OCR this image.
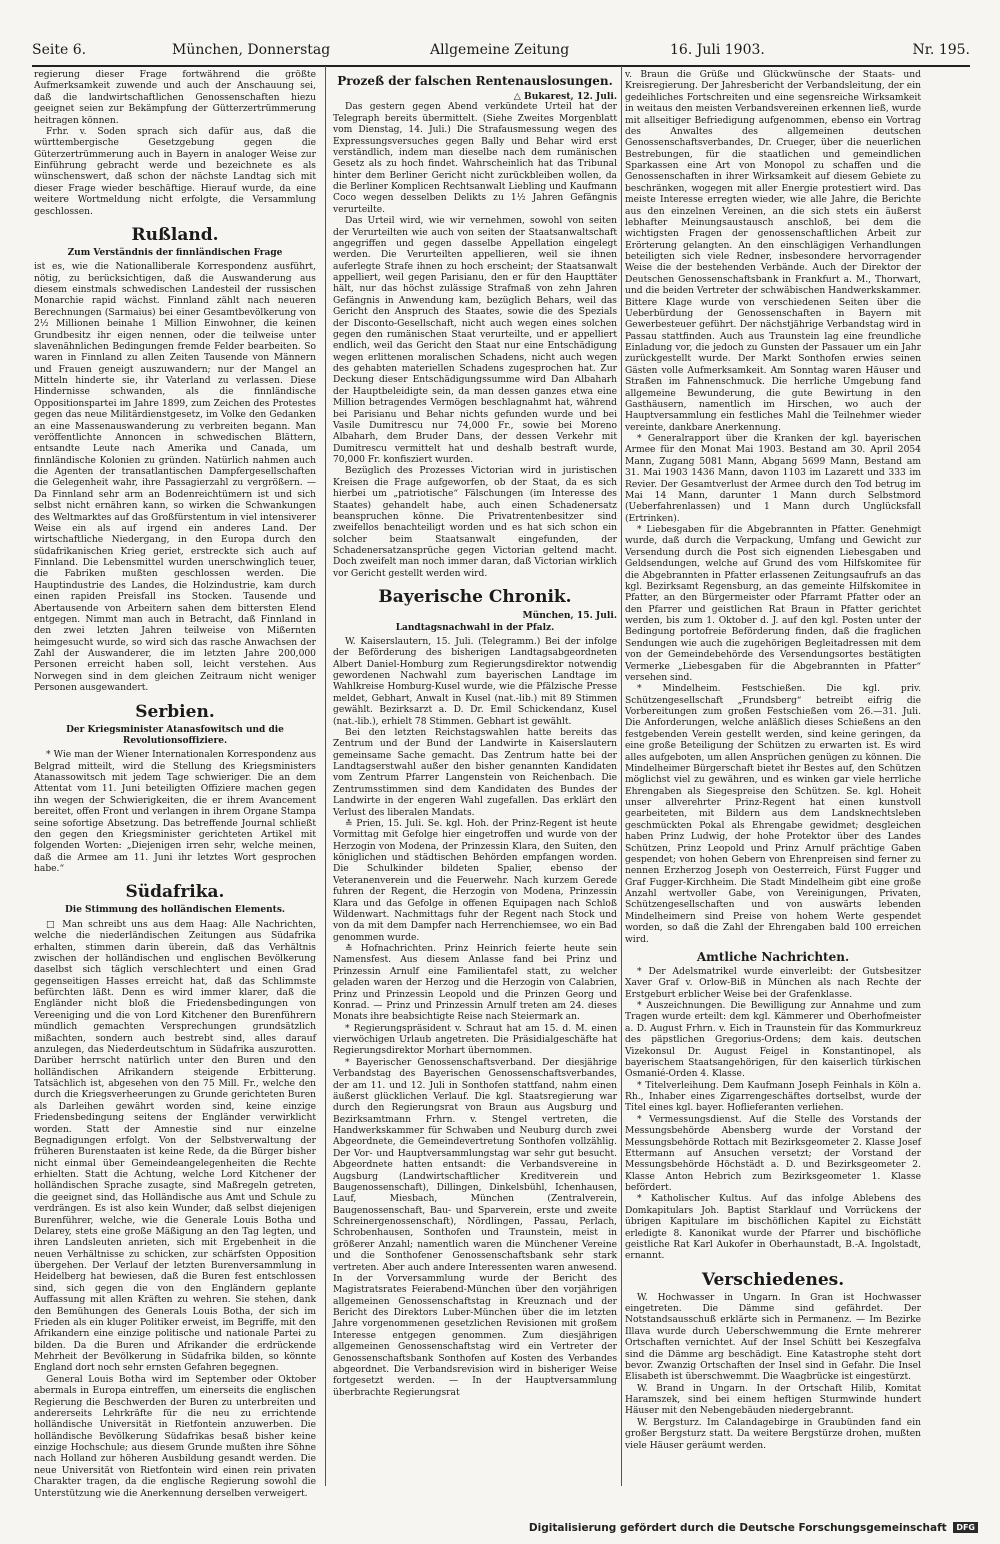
Seite 6.	München, Donnerstag	Allgemeine Zeitung	16. Juli 1903.	Nr. 195.

regierung dieser Frage fortwährend die größte Aufmerksamkeit zuwende und auch der Anschauung sei, daß die landwirtschaftlichen Genossenschaften hiezu geeignet seien zur Bekämpfung der Gütterzertrümmerung heitragen können.

Frhr. v. Soden sprach sich dafür aus, daß die württembergische Gesetzgebung gegen die Güterzertrümmerung auch in Bayern in analoger Weise zur Einführung gebracht werde und bezeichnete es als wünschenswert, daß schon der nächste Landtag sich mit dieser Frage wieder beschäftige. Hierauf wurde, da eine weitere Wortmeldung nicht erfolgte, die Versammlung geschlossen.

Rußland.
Zum Verständnis der finnländischen Frage

ist es, wie die Nationalliberale Korrespondenz ausführt, nötig, zu berücksichtigen, daß die Auswanderung aus diesem einstmals schwedischen Landesteil der russischen Monarchie rapid wächst. Finnland zählt nach neueren Berechnungen (Sarmaius) bei einer Gesamtbevölkerung von 2½ Millionen beinahe 1 Million Einwohner, die keinen Grundbesitz ihr eigen nennen, oder die teilweise unter slavenähnlichen Bedingungen fremde Felder bearbeiten. So waren in Finnland zu allen Zeiten Tausende von Männern und Frauen geneigt auszuwandern; nur der Mangel an Mitteln hinderte sie, ihr Vaterland zu verlassen. Diese Hindernisse schwanden, als die finnländische Oppositionspartei im Jahre 1899, zum Zeichen des Protestes gegen das neue Militärdienstgesetz, im Volke den Gedanken an eine Massenauswanderung zu verbreiten begann. Man veröffentlichte Annoncen in schwedischen Blättern, entsandte Leute nach Amerika und Canada, um finnländische Kolonien zu gründen. Natürlich nahmen auch die Agenten der transatlantischen Dampfergesellschaften die Gelegenheit wahr, ihre Passagierzahl zu vergrößern. — Da Finnland sehr arm an Bodenreichtümern ist und sich selbst nicht ernähren kann, so wirken die Schwankungen des Weltmarktes auf das Großfürstentum in viel intensiverer Weise ein als auf irgend ein anderes Land. Der wirtschaftliche Niedergang, in den Europa durch den südafrikanischen Krieg geriet, erstreckte sich auch auf Finnland. Die Lebensmittel wurden unerschwinglich teuer, die Fabriken mußten geschlossen werden. Die Hauptindustrie des Landes, die Holzindustrie, kam durch einen rapiden Preisfall ins Stocken. Tausende und Abertausende von Arbeitern sahen dem bittersten Elend entgegen. Nimmt man auch in Betracht, daß Finnland in den zwei letzten Jahren teilweise von Mißernten heimgesucht wurde, so wird sich das rasche Anwachsen der Zahl der Auswanderer, die im letzten Jahre 200,000 Personen erreicht haben soll, leicht verstehen. Aus Norwegen sind in dem gleichen Zeitraum nicht weniger Personen ausgewandert.

Serbien.
Der Kriegsminister Atanasfowitsch und die Revolutionsoffiziere.

* Wie man der Wiener Internationalen Korrespondenz aus Belgrad mitteilt, wird die Stellung des Kriegsministers Atanassowitsch mit jedem Tage schwieriger. Die an dem Attentat vom 11. Juni beteiligten Offiziere machen gegen ihn wegen der Schwierigkeiten, die er ihrem Avancement bereitet, offen Front und verlangen in ihrem Organe Stampa seine sofortige Absetzung. Das betreffende Journal schließt den gegen den Kriegsminister gerichteten Artikel mit folgenden Worten: „Diejenigen irren sehr, welche meinen, daß die Armee am 11. Juni ihr letztes Wort gesprochen habe.“

Südafrika.
Die Stimmung des holländischen Elements.

□ Man schreibt uns aus dem Haag: Alle Nachrichten, welche die niederländischen Zeitungen aus Südafrika erhalten, stimmen darin überein, daß das Verhältnis zwischen der holländischen und englischen Bevölkerung daselbst sich täglich verschlechtert und einen Grad gegenseitigen Hasses erreicht hat, daß das Schlimmste befürchten läßt. Denn es wird immer klarer, daß die Engländer nicht bloß die Friedensbedingungen von Vereeniging und die von Lord Kitchener den Burenführern mündlich gemachten Versprechungen grundsätzlich mißachten, sondern auch bestrebt sind, alles darauf anzulegen, das Niederdeutschtum in Südafrika auszurotten. Darüber herrscht natürlich unter den Buren und den holländischen Afrikandern steigende Erbitterung. Tatsächlich ist, abgesehen von den 75 Mill. Fr., welche den durch die Kriegsverheerungen zu Grunde gerichteten Buren als Darleihen gewährt worden sind, keine einzige Friedensbedingung seitens der Engländer verwirklicht worden. Statt der Amnestie sind nur einzelne Begnadigungen erfolgt. Von der Selbstverwaltung der früheren Burenstaaten ist keine Rede, da die Bürger bisher nicht einmal über Gemeindeangelegenheiten die Rechte erhielten. Statt die Achtung, welche Lord Kitchener der holländischen Sprache zusagte, sind Maßregeln getreten, die geeignet sind, das Holländische aus Amt und Schule zu verdrängen. Es ist also kein Wunder, daß selbst diejenigen Burenführer, welche, wie die Generale Louis Botha und Delarey, stets eine große Mäßigung an den Tag legten, und ihren Landsleuten anrieten, sich mit Ergebenheit in die neuen Verhältnisse zu schicken, zur schärfsten Opposition übergehen. Der Verlauf der letzten Burenversammlung in Heidelberg hat bewiesen, daß die Buren fest entschlossen sind, sich gegen die von den Engländern geplante Auffassung mit allen Kräften zu wehren. Sie stehen, dank den Bemühungen des Generals Louis Botha, der sich im Frieden als ein kluger Politiker erweist, im Begriffe, mit den Afrikandern eine einzige politische und nationale Partei zu bilden. Da die Buren und Afrikander die erdrückende Mehrheit der Bevölkerung in Südafrika bilden, so könnte England dort noch sehr ernsten Gefahren begegnen.

General Louis Botha wird im September oder Oktober abermals in Europa eintreffen, um einerseits die englischen Regierung die Beschwerden der Buren zu unterbreiten und andererseits Lehrkräfte für die neu zu errichtende holländische Universität in Rietfontein anzuwerben. Die holländische Bevölkerung Südafrikas besaß bisher keine einzige Hochschule; aus diesem Grunde mußten ihre Söhne nach Holland zur höheren Ausbildung gesandt werden. Die neue Universität von Rietfontein wird einen rein privaten Charakter tragen, da die englische Regierung sowohl die Unterstützung wie die Anerkennung derselben verweigert.

Prozeß der falschen Rentenauslosungen.

△ Bukarest, 12. Juli.

Das gestern gegen Abend verkündete Urteil hat der Telegraph bereits übermittelt. (Siehe Zweites Morgenblatt vom Dienstag, 14. Juli.) Die Strafausmessung wegen des Expressungsversuches gegen Bally und Behar wird erst verständlich, indem man dieselbe nach dem rumänischen Gesetz als zu hoch findet. Wahrscheinlich hat das Tribunal hinter dem Berliner Gericht nicht zurückbleiben wollen, da die Berliner Komplicen Rechtsanwalt Liebling und Kaufmann Coco wegen desselben Delikts zu 1½ Jahren Gefängnis verurteilte.

Das Urteil wird, wie wir vernehmen, sowohl von seiten der Verurteilten wie auch von seiten der Staatsanwaltschaft angegriffen und gegen dasselbe Appellation eingelegt werden. Die Verurteilten appellieren, weil sie ihnen auferlegte Strafe ihnen zu hoch erscheint; der Staatsanwalt appelliert, weil gegen Parisianu, den er für den Haupttäter hält, nur das höchst zulässige Strafmaß von zehn Jahren Gefängnis in Anwendung kam, bezüglich Behars, weil das Gericht den Anspruch des Staates, sowie die des Spezials der Disconto-Gesellschaft, nicht auch wegen eines solchen gegen den rumänischen Staat verurteilte, und er appelliert endlich, weil das Gericht den Staat nur eine Entschädigung wegen erlittenen moralischen Schadens, nicht auch wegen des gehabten materiellen Schadens zugesprochen hat. Zur Deckung dieser Entschädigungssumme wird Dan Albaharh der Hauptbeleidigte sein, da man dessen ganzes etwa eine Million betragendes Vermögen beschlagnahmt hat, während bei Parisianu und Behar nichts gefunden wurde und bei Vasile Dumitrescu nur 74,000 Fr., sowie bei Moreno Albaharh, dem Bruder Dans, der dessen Verkehr mit Dumitrescu vermittelt hat und deshalb bestraft wurde, 70,000 Fr. konfisziert wurden.

Bezüglich des Prozesses Victorian wird in juristischen Kreisen die Frage aufgeworfen, ob der Staat, da es sich hierbei um „patriotische“ Fälschungen (im Interesse des Staates) gehandelt habe, auch einen Schadenersatz beanspruchen könne. Die Privatrentenbesitzer sind zweifellos benachteiligt worden und es hat sich schon ein solcher beim Staatsanwalt eingefunden, der Schadenersatzansprüche gegen Victorian geltend macht. Doch zweifelt man noch immer daran, daß Victorian wirklich vor Gericht gestellt werden wird.

Bayerische Chronik.

München, 15. Juli.

Landtagsnachwahl in der Pfalz.

W. Kaiserslautern, 15. Juli. (Telegramm.) Bei der infolge der Beförderung des bisherigen Landtagsabgeordneten Albert Daniel-Homburg zum Regierungsdirektor notwendig gewordenen Nachwahl zum bayerischen Landtage im Wahlkreise Homburg-Kusel wurde, wie die Pfälzische Presse meldet, Gebhart, Anwalt in Kusel (nat.-lib.) mit 89 Stimmen gewählt. Bezirksarzt a. D. Dr. Emil Schickendanz, Kusel (nat.-lib.), erhielt 78 Stimmen. Gebhart ist gewählt.

Bei den letzten Reichstagswahlen hatte bereits das Zentrum und der Bund der Landwirte in Kaiserslautern gemeinsame Sache gemacht. Das Zentrum hatte bei der Landtagserstwahl außer den bisher genannten Kandidaten vom Zentrum Pfarrer Langenstein von Reichenbach. Die Zentrumsstimmen sind dem Kandidaten des Bundes der Landwirte in der engeren Wahl zugefallen. Das erklärt den Verlust des liberalen Mandats.

≛ Prien, 15. Juli. Se. kgl. Hoh. der Prinz-Regent ist heute Vormittag mit Gefolge hier eingetroffen und wurde von der Herzogin von Modena, der Prinzessin Klara, den Suiten, den königlichen und städtischen Behörden empfangen worden. Die Schulkinder bildeten Spalier, ebenso der Veteranenverein und die Feuerwehr. Nach kurzem Gerede fuhren der Regent, die Herzogin von Modena, Prinzessin Klara und das Gefolge in offenen Equipagen nach Schloß Wildenwart. Nachmittags fuhr der Regent nach Stock und von da mit dem Dampfer nach Herrenchiemsee, wo ein Bad genommen wurde.

≛ Hofnachrichten. Prinz Heinrich feierte heute sein Namensfest. Aus diesem Anlasse fand bei Prinz und Prinzessin Arnulf eine Familientafel statt, zu welcher geladen waren der Herzog und die Herzogin von Calabrien, Prinz und Prinzessin Leopold und die Prinzen Georg und Konrad. — Prinz und Prinzessin Arnulf treten am 24. dieses Monats ihre beabsichtigte Reise nach Steiermark an.

* Regierungspräsident v. Schraut hat am 15. d. M. einen vierwöchigen Urlaub angetreten. Die Präsidialgeschäfte hat Regierungsdirektor Morhart übernommen.

* Bayerischer Genossenschaftsverband. Der diesjährige Verbandstag des Bayerischen Genossenschaftsverbandes, der am 11. und 12. Juli in Sonthofen stattfand, nahm einen äußerst glücklichen Verlauf. Die kgl. Staatsregierung war durch den Regierungsrat von Braun aus Augsburg und Bezirksamtmann Frhrn. v. Stengel vertreten, die Handwerkskammer für Schwaben und Neuburg durch zwei Abgeordnete, die Gemeindevertretung Sonthofen vollzählig. Der Vor- und Hauptversammlungstag war sehr gut besucht. Abgeordnete hatten entsandt: die Verbandsvereine in Augsburg (Landwirtschaftlicher Kreditverein und Baugenossenschaft), Dillingen, Dinkelsbühl, Ichenhausen, Lauf, Miesbach, München (Zentralverein, Baugenossenschaft, Bau- und Sparverein, erste und zweite Schreinergenossenschaft), Nördlingen, Passau, Perlach, Schrobenhausen, Sonthofen und Traunstein, meist in größerer Anzahl; namentlich waren die Münchener Vereine und die Sonthofener Genossenschaftsbank sehr stark vertreten. Aber auch andere Interessenten waren anwesend. In der Vorversammlung wurde der Bericht des Magistratsrates Feierabend-München über den vorjährigen allgemeinen Genossenschaftstag in Kreuznach und der Bericht des Direktors Luber-München über die im letzten Jahre vorgenommenen gesetzlichen Revisionen mit großem Interesse entgegen genommen. Zum diesjährigen allgemeinen Genossenschaftstag wird ein Vertreter der Genossenschaftsbank Sonthofen auf Kosten des Verbandes abgeordnet. Die Verbandsrevision wird in bisheriger Weise fortgesetzt werden. — In der Hauptversammlung überbrachte Regierungsrat

v. Braun die Grüße und Glückwünsche der Staats- und Kreisregierung. Der Jahresbericht der Verbandsleitung, der ein gedeihliches Fortschreiten und eine segensreiche Wirksamkeit in weitaus den meisten Verbandsvereinen erkennen ließ, wurde mit allseitiger Befriedigung aufgenommen, ebenso ein Vortrag des Anwaltes des allgemeinen deutschen Genossenschaftsverbandes, Dr. Crueger, über die neuerlichen Bestrebungen, für die staatlichen und gemeindlichen Sparkassen eine Art von Monopol zu schaffen und die Genossenschaften in ihrer Wirksamkeit auf diesem Gebiete zu beschränken, wogegen mit aller Energie protestiert wird. Das meiste Interesse erregten wieder, wie alle Jahre, die Berichte aus den einzelnen Vereinen, an die sich stets ein äußerst lebhafter Meinungsaustausch anschloß, bei dem die wichtigsten Fragen der genossenschaftlichen Arbeit zur Erörterung gelangten. An den einschlägigen Verhandlungen beteiligten sich viele Redner, insbesondere hervorragender Weise die der bestehenden Verbände. Auch der Direktor der Deutschen Genossenschaftsbank in Frankfurt a. M., Thorwart, und die beiden Vertreter der schwäbischen Handwerkskammer. Bittere Klage wurde von verschiedenen Seiten über die Ueberbürdung der Genossenschaften in Bayern mit Gewerbesteuer geführt. Der nächstjährige Verbandstag wird in Passau stattfinden. Auch aus Traunstein lag eine freundliche Einladung vor, die jedoch zu Gunsten der Passauer um ein Jahr zurückgestellt wurde. Der Markt Sonthofen erwies seinen Gästen volle Aufmerksamkeit. Am Sonntag waren Häuser und Straßen im Fahnenschmuck. Die herrliche Umgebung fand allgemeine Bewunderung, die gute Bewirtung in den Gasthäusern, namentlich im Hirschen, wo auch der Hauptversammlung ein festliches Mahl die Teilnehmer wieder vereinte, dankbare Anerkennung.

* Generalrapport über die Kranken der kgl. bayerischen Armee für den Monat Mai 1903. Bestand am 30. April 2054 Mann, Zugang 5081 Mann, Abgang 5699 Mann, Bestand am 31. Mai 1903 1436 Mann, davon 1103 im Lazarett und 333 im Revier. Der Gesamtverlust der Armee durch den Tod betrug im Mai 14 Mann, darunter 1 Mann durch Selbstmord (Ueberfahrenlassen) und 1 Mann durch Unglücksfall (Ertrinken).

* Liebesgaben für die Abgebrannten in Pfatter. Genehmigt wurde, daß durch die Verpackung, Umfang und Gewicht zur Versendung durch die Post sich eignenden Liebesgaben und Geldsendungen, welche auf Grund des vom Hilfskomitee für die Abgebrannten in Pfatter erlassenen Zeitungsaufrufs an das kgl. Bezirksamt Regensburg, an das gemeinte Hilfskomitee in Pfatter, an den Bürgermeister oder Pfarramt Pfatter oder an den Pfarrer und geistlichen Rat Braun in Pfatter gerichtet werden, bis zum 1. Oktober d. J. auf den kgl. Posten unter der Bedingung portofreie Beförderung finden, daß die fraglichen Sendungen wie auch die zugehörigen Begleitadressen mit dem von der Gemeindebehörde des Versendungsortes bestätigten Vermerke „Liebesgaben für die Abgebrannten in Pfatter“ versehen sind.

* Mindelheim. Festschießen. Die kgl. priv. Schützengesellschaft „Frundsberg“ betreibt eifrig die Vorbereitungen zum großen Festschießen vom 26.—31. Juli. Die Anforderungen, welche anläßlich dieses Schießens an den festgebenden Verein gestellt werden, sind keine geringen, da eine große Beteiligung der Schützen zu erwarten ist. Es wird alles aufgeboten, um allen Ansprüchen genügen zu können. Die Mindelheimer Bürgerschaft bietet ihr Bestes auf, den Schützen möglichst viel zu gewähren, und es winken gar viele herrliche Ehrengaben als Siegespreise den Schützen. Se. kgl. Hoheit unser allverehrter Prinz-Regent hat einen kunstvoll gearbeiteten, mit Bildern aus dem Landsknechtsleben geschmückten Pokal als Ehrengabe gewidmet; desgleichen haben Prinz Ludwig, der hohe Protektor über des Landes Schützen, Prinz Leopold und Prinz Arnulf prächtige Gaben gespendet; von hohen Gebern von Ehrenpreisen sind ferner zu nennen Erzherzog Joseph von Oesterreich, Fürst Fugger und Graf Fugger-Kirchheim. Die Stadt Mindelheim gibt eine große Anzahl wertvoller Gabe, von Vereinigungen, Privaten, Schützengesellschaften und von auswärts lebenden Mindelheimern sind Preise von hohem Werte gespendet worden, so daß die Zahl der Ehrengaben bald 100 erreichen wird.

Amtliche Nachrichten.

* Der Adelsmatrikel wurde einverleibt: der Gutsbesitzer Xaver Graf v. Orlow-Biß in München als nach Rechte der Erstgeburt erblicher Weise bei der Grafenklasse.

* Auszeichnungen. Die Bewilligung zur Annahme und zum Tragen wurde erteilt: dem kgl. Kämmerer und Oberhofmeister a. D. August Frhrn. v. Eich in Traunstein für das Kommurkreuz des päpstlichen Gregorius-Ordens; dem kais. deutschen Vizekonsul Dr. August Feigel in Konstantinopel, als bayerischem Staatsangehörigen, für den kaiserlich türkischen Osmanié-Orden 4. Klasse.

* Titelverleihung. Dem Kaufmann Joseph Feinhals in Köln a. Rh., Inhaber eines Zigarrengeschäftes dortselbst, wurde der Titel eines kgl. bayer. Hoflieferanten verliehen.

* Vermessungsdienst. Auf die Stelle des Vorstands der Messungsbehörde Abensberg wurde der Vorstand der Messungsbehörde Rottach mit Bezirksgeometer 2. Klasse Josef Ettermann auf Ansuchen versetzt; der Vorstand der Messungsbehörde Höchstädt a. D. und Bezirksgeometer 2. Klasse Anton Hebrich zum Bezirksgeometer 1. Klasse befördert.

* Katholischer Kultus. Auf das infolge Ablebens des Domkapitulars Joh. Baptist Starklauf und Vorrückens der übrigen Kapitulare im bischöflichen Kapitel zu Eichstätt erledigte 8. Kanonikat wurde der Pfarrer und bischöfliche geistliche Rat Karl Aukofer in Oberhaunstadt, B.-A. Ingolstadt, ernannt.

Verschiedenes.

W. Hochwasser in Ungarn. In Gran ist Hochwasser eingetreten. Die Dämme sind gefährdet. Der Notstandsausschuß erklärte sich in Permanenz. — Im Bezirke Illava wurde durch Ueberschwemmung die Ernte mehrerer Ortschaften vernichtet. Auf der Insel Schütt bei Keszegfalva sind die Dämme arg beschädigt. Eine Katastrophe steht dort bevor. Zwanzig Ortschaften der Insel sind in Gefahr. Die Insel Elisabeth ist überschwemmt. Die Waagbrücke ist eingestürzt.

W. Brand in Ungarn. In der Ortschaft Hilib, Komitat Haramszek, sind bei einem heftigen Sturmwinde hundert Häuser mit den Nebengebäuden niedergebrannt.

W. Bergsturz. Im Calandagebirge in Graubünden fand ein großer Bergsturz statt. Da weitere Bergstürze drohen, mußten viele Häuser geräumt werden.

Digitalisierung gefördert durch die Deutsche Forschungsgemeinschaft DFG
